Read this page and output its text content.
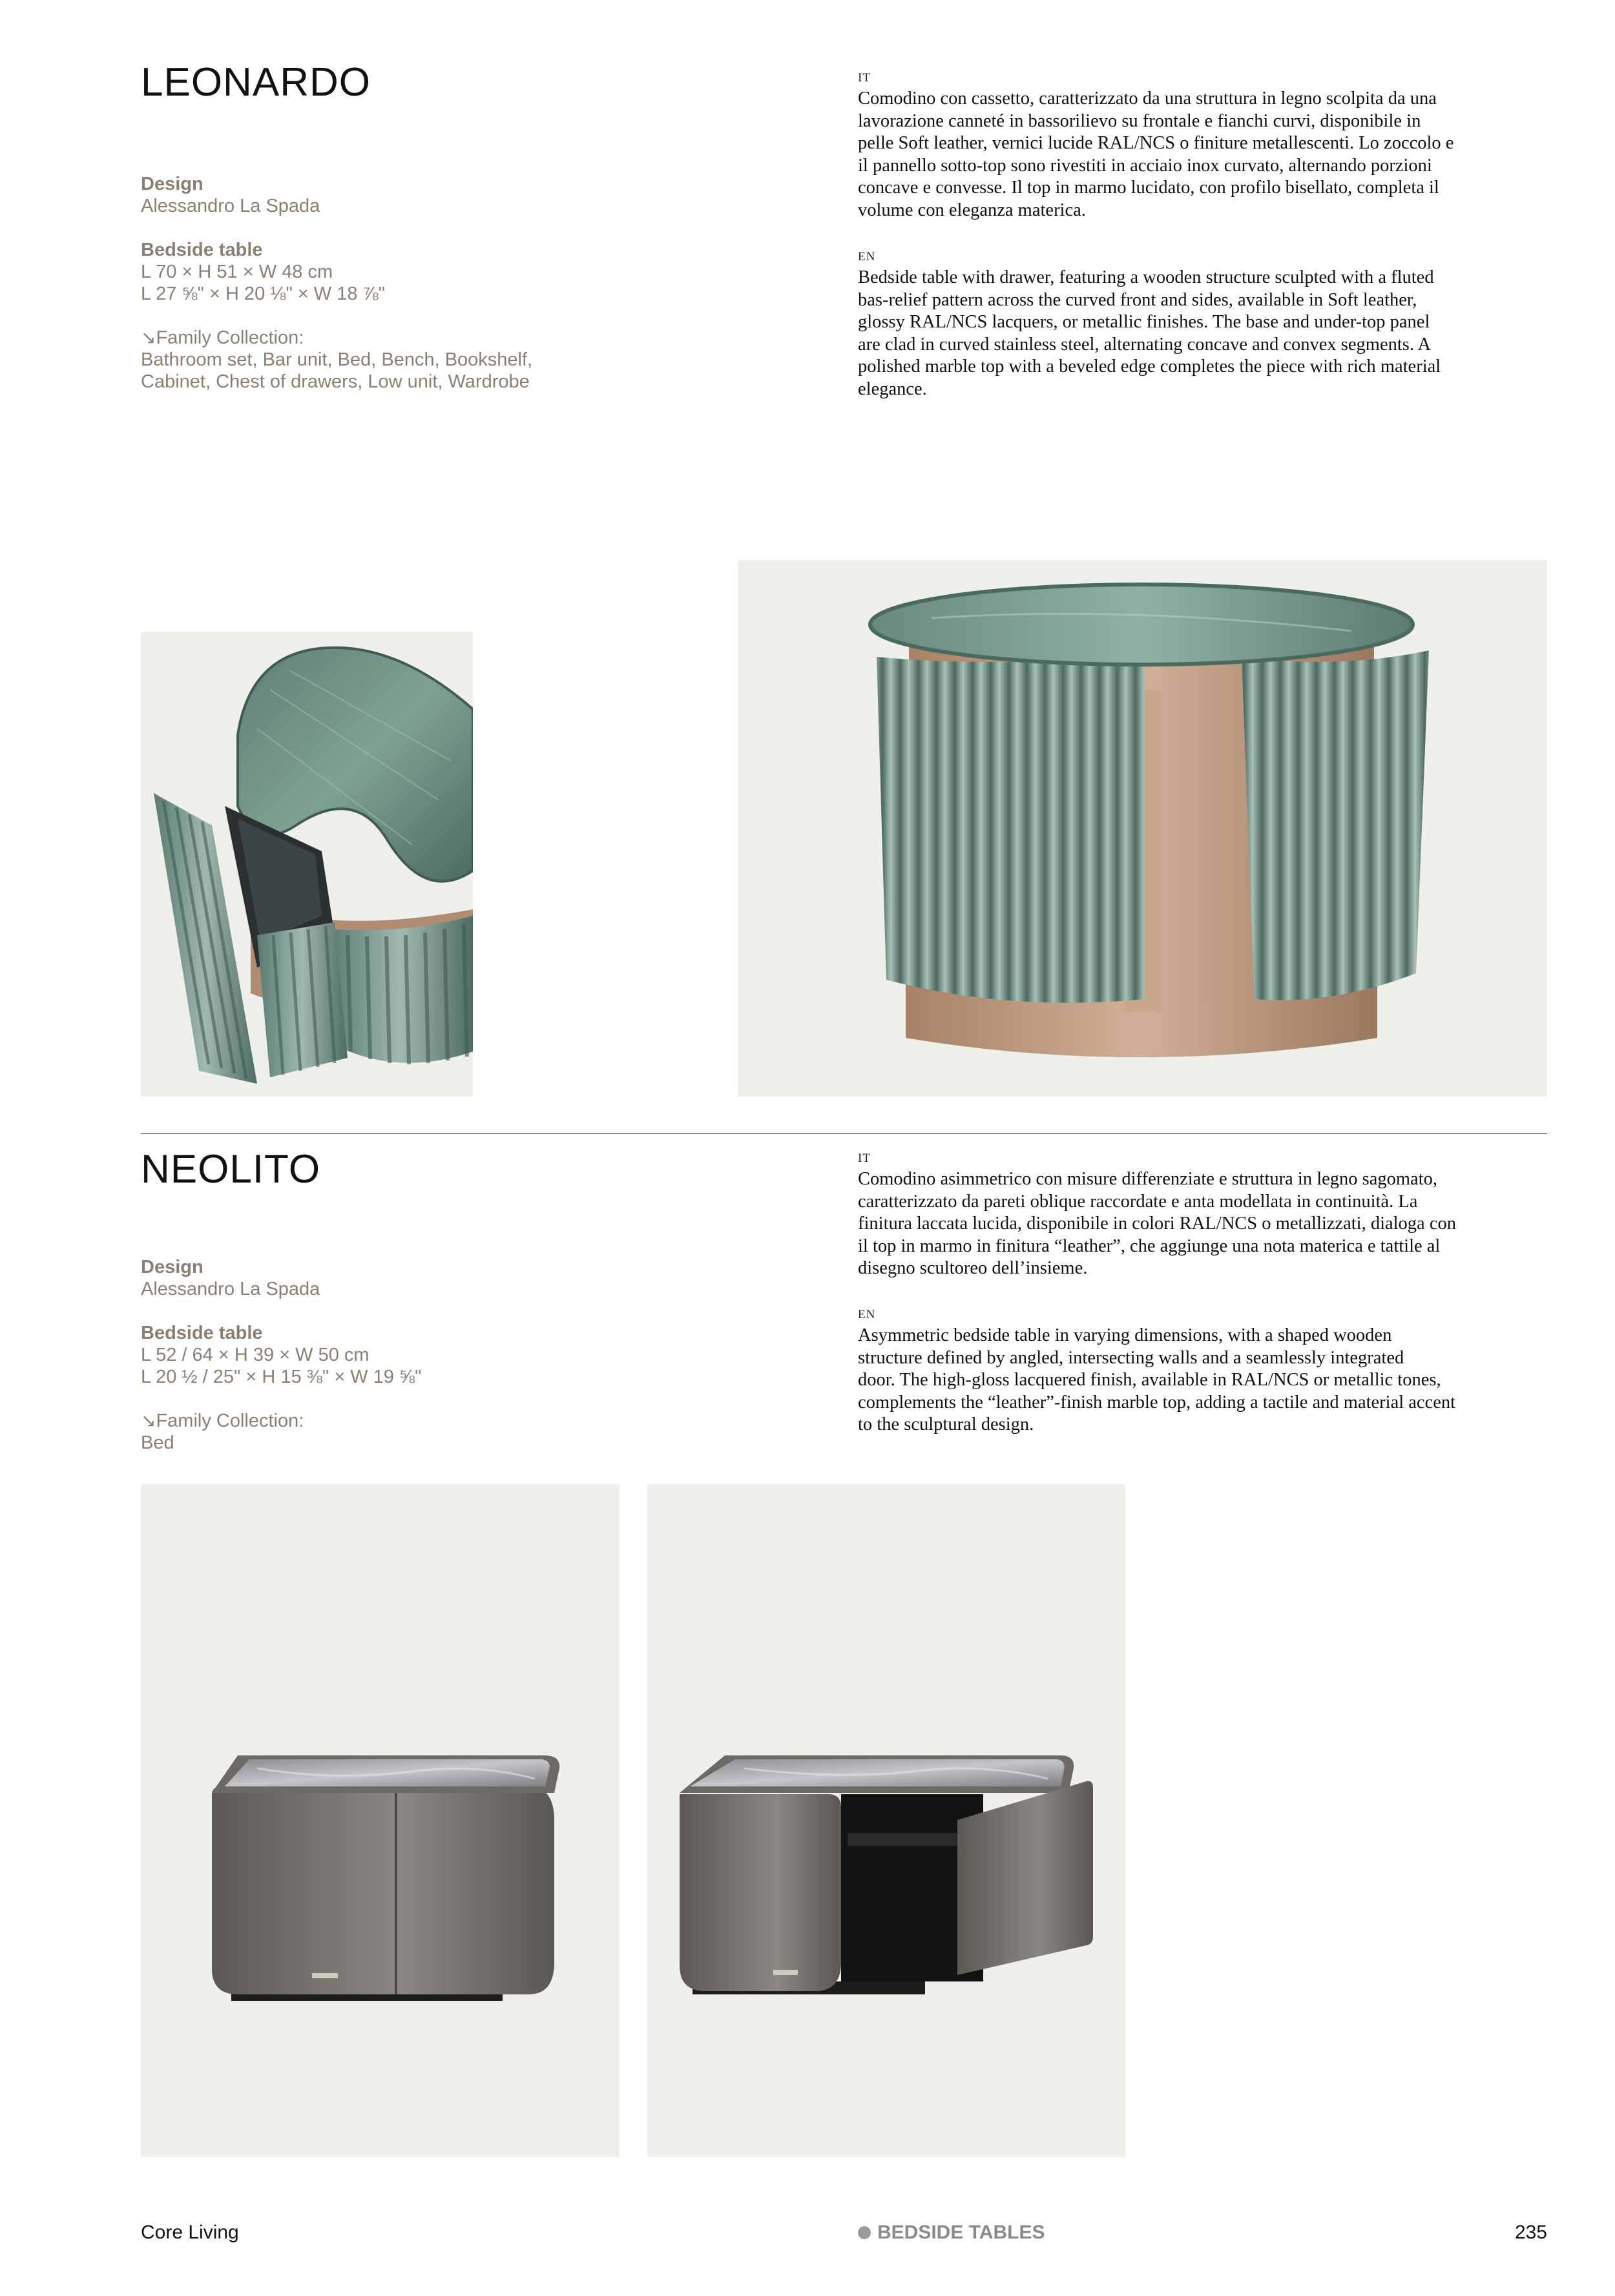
LEONARDO
Design
Alessandro La Spada
Bedside table
L 70 × H 51 × W 48 cm
L 27 ⅝" × H 20 ⅛" × W 18 ⅞"
↘Family Collection:
Bathroom set, Bar unit, Bed, Bench, Bookshelf,
Cabinet, Chest of drawers, Low unit, Wardrobe
IT

Comodino con cassetto, caratterizzato da una struttura in legno scolpita da una

lavorazione canneté in bassorilievo su frontale e fianchi curvi, disponibile in

pelle Soft leather, vernici lucide RAL/NCS o finiture metallescenti. Lo zoccolo e

il pannello sotto-top sono rivestiti in acciaio inox curvato, alternando porzioni

concave e convesse. Il top in marmo lucidato, con profilo bisellato, completa il

volume con eleganza materica.

EN

Bedside table with drawer, featuring a wooden structure sculpted with a fluted

bas-relief pattern across the curved front and sides, available in Soft leather,

glossy RAL/NCS lacquers, or metallic finishes. The base and under-top panel

are clad in curved stainless steel, alternating concave and convex segments. A

polished marble top with a beveled edge completes the piece with rich material

elegance.

NEOLITO
Design
Alessandro La Spada
Bedside table
L 52 / 64 × H 39 × W 50 cm
L 20 ½ / 25" × H 15 ⅜" × W 19 ⅝"
↘Family Collection:
Bed
IT

Comodino asimmetrico con misure differenziate e struttura in legno sagomato,

caratterizzato da pareti oblique raccordate e anta modellata in continuità. La

finitura laccata lucida, disponibile in colori RAL/NCS o metallizzati, dialoga con

il top in marmo in finitura “leather”, che aggiunge una nota materica e tattile al

disegno scultoreo dell’insieme.

EN

Asymmetric bedside table in varying dimensions, with a shaped wooden

structure defined by angled, intersecting walls and a seamlessly integrated

door. The high-gloss lacquered finish, available in RAL/NCS or metallic tones,

complements the “leather”-finish marble top, adding a tactile and material accent

to the sculptural design.

Core Living	BEDSIDE TABLES	235
